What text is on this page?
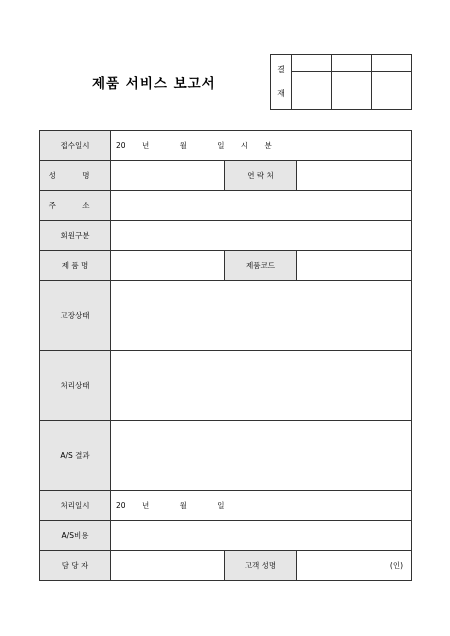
제품 서비스 보고서
결
재			

접수일시	20 년 월 일 시 분		
성 명		연 락 처	
주 소			
회원구분			
제 품 명		제품코드	
고장상태			
처리상태			
A/S 결과			
처리일시	20 년 월 일		
A/S비용			
담 당 자		고객 성명	(인)
